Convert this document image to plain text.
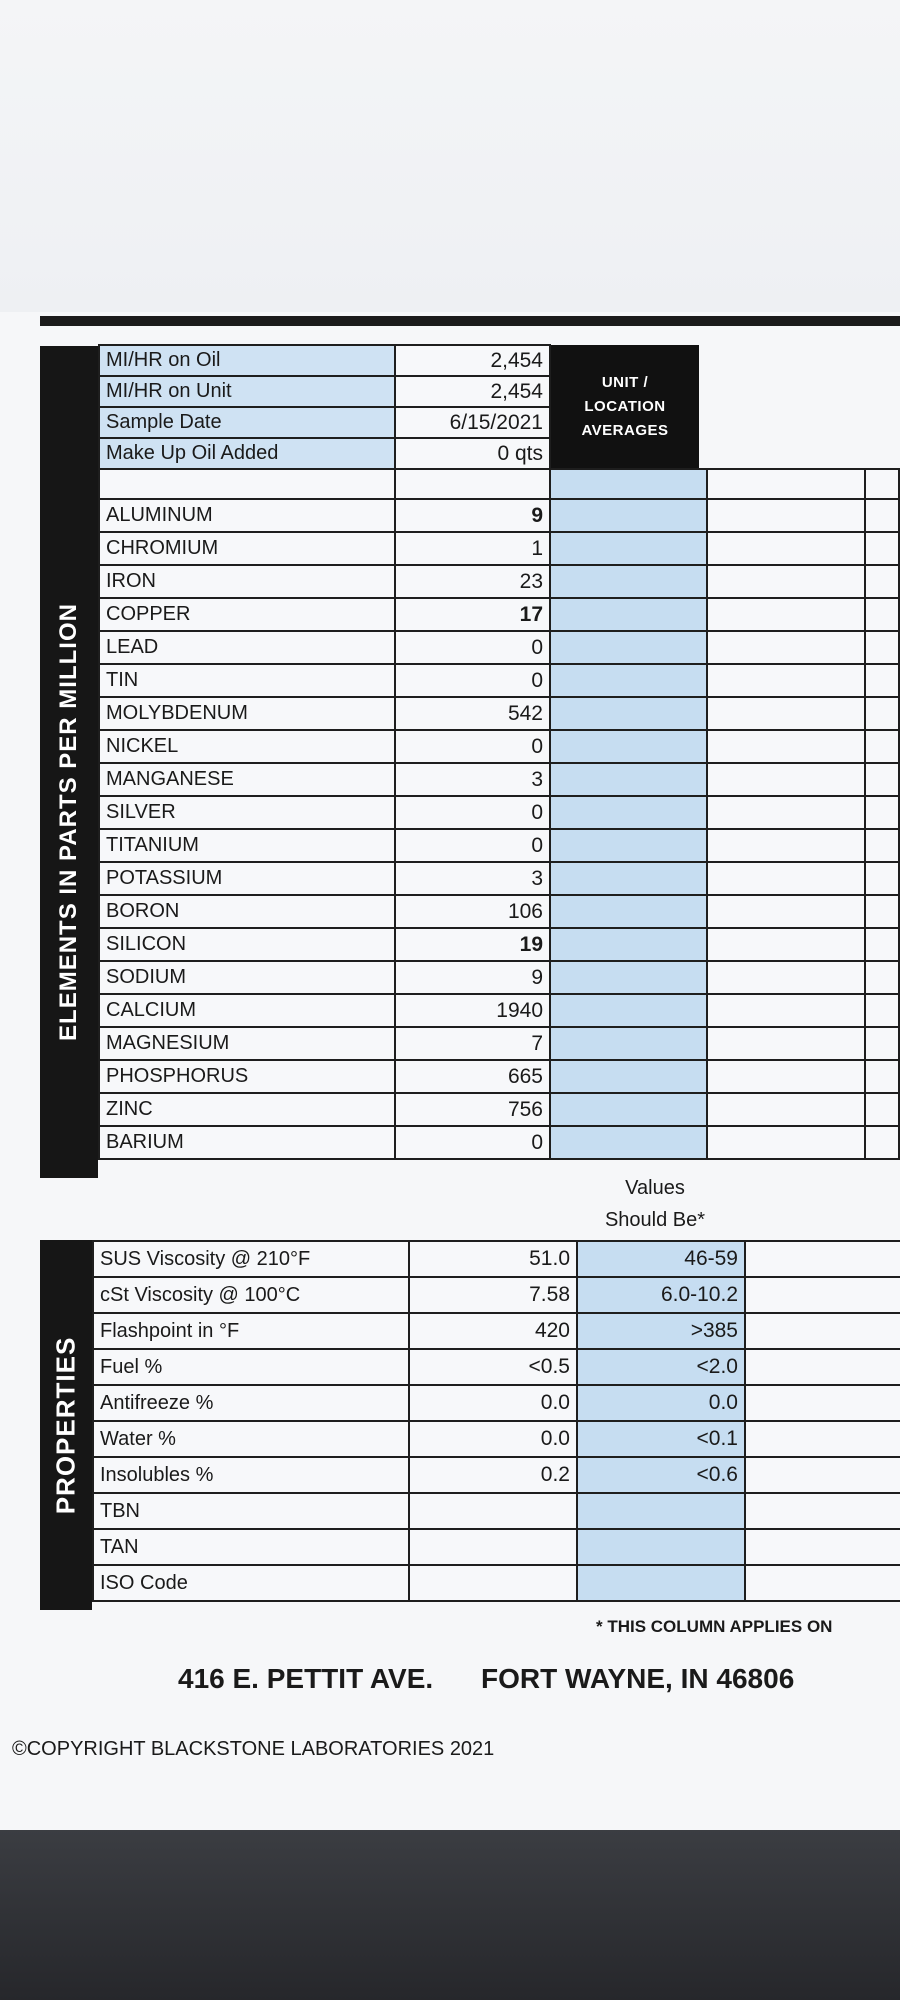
ELEMENTS IN PARTS PER MILLION
MI/HR on Oil	2,454	UNIT /
LOCATION
AVERAGES

MI/HR on Unit	2,454	
Sample Date	6/15/2021	
Make Up Oil Added	0 qts	

ALUMINUM	9			
CHROMIUM	1			
IRON	23			
COPPER	17			
LEAD	0			
TIN	0			
MOLYBDENUM	542			
NICKEL	0			
MANGANESE	3			
SILVER	0			
TITANIUM	0			
POTASSIUM	3			
BORON	106			
SILICON	19			
SODIUM	9			
CALCIUM	1940			
MAGNESIUM	7			
PHOSPHORUS	665			
ZINC	756			
BARIUM	0			
Values
Should Be*
PROPERTIES
SUS Viscosity @ 210°F	51.0	46-59	
cSt Viscosity @ 100°C	7.58	6.0-10.2	
Flashpoint in °F	420	>385	
Fuel %	<0.5	<2.0	
Antifreeze %	0.0	0.0	
Water %	0.0	<0.1	
Insolubles %	0.2	<0.6	
TBN			
TAN			
ISO Code			
* THIS COLUMN APPLIES ON
416 E. PETTIT AVE. FORT WAYNE, IN 46806
©COPYRIGHT BLACKSTONE LABORATORIES 2021
